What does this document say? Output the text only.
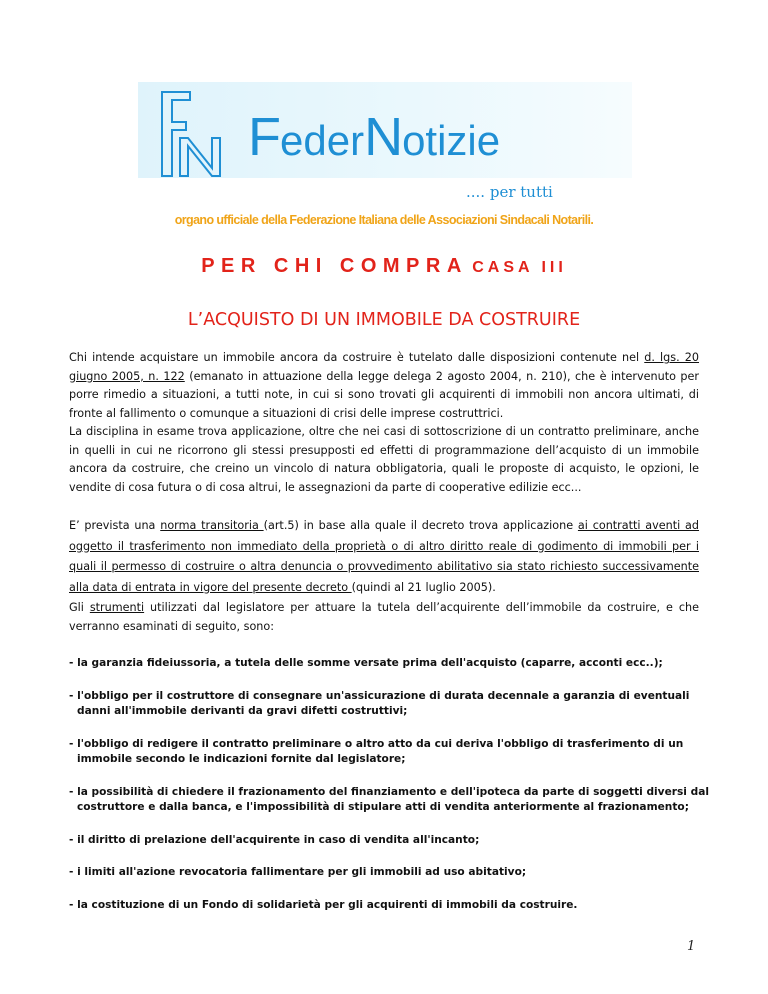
FederNotizie
.... per tutti
organo ufficiale della Federazione Italiana delle Associazioni Sindacali Notarili.
PER CHI COMPRA CASA III
L’ACQUISTO DI UN IMMOBILE DA COSTRUIRE
Chi intende acquistare un immobile ancora da costruire è tutelato dalle disposizioni contenute nel d. lgs. 20 giugno 2005, n. 122 (emanato in attuazione della legge delega 2 agosto 2004, n. 210), che è intervenuto per porre rimedio a situazioni, a tutti note, in cui si sono trovati gli acquirenti di immobili non ancora ultimati, di fronte al fallimento o comunque a situazioni di crisi delle imprese costruttrici.
La disciplina in esame trova applicazione, oltre che nei casi di sottoscrizione di un contratto preliminare, anche in quelli in cui ne ricorrono gli stessi presupposti ed effetti di programmazione dell’acquisto di un immobile ancora da costruire, che creino un vincolo di natura obbligatoria, quali le proposte di acquisto, le opzioni, le vendite di cosa futura o di cosa altrui, le assegnazioni da parte di cooperative edilizie ecc...
E’ prevista una norma transitoria (art.5) in base alla quale il decreto trova applicazione ai contratti aventi ad oggetto il trasferimento non immediato della proprietà o di altro diritto reale di godimento di immobili per i quali il permesso di costruire o altra denuncia o provvedimento abilitativo sia stato richiesto successivamente alla data di entrata in vigore del presente decreto (quindi al 21 luglio 2005).
Gli strumenti utilizzati dal legislatore per attuare la tutela dell’acquirente dell’immobile da costruire, e che verranno esaminati di seguito, sono:
- la garanzia fideiussoria, a tutela delle somme versate prima dell'acquisto (caparre, acconti ecc..);
- l'obbligo per il costruttore di consegnare un'assicurazione di durata decennale a garanzia di eventuali danni all'immobile derivanti da gravi difetti costruttivi;
- l'obbligo di redigere il contratto preliminare o altro atto da cui deriva l'obbligo di trasferimento di un immobile secondo le indicazioni fornite dal legislatore;
- la possibilità di chiedere il frazionamento del finanziamento e dell'ipoteca da parte di soggetti diversi dal costruttore e dalla banca, e l'impossibilità di stipulare atti di vendita anteriormente al frazionamento;
- il diritto di prelazione dell'acquirente in caso di vendita all'incanto;
- i limiti all'azione revocatoria fallimentare per gli immobili ad uso abitativo;
- la costituzione di un Fondo di solidarietà per gli acquirenti di immobili da costruire.
1
